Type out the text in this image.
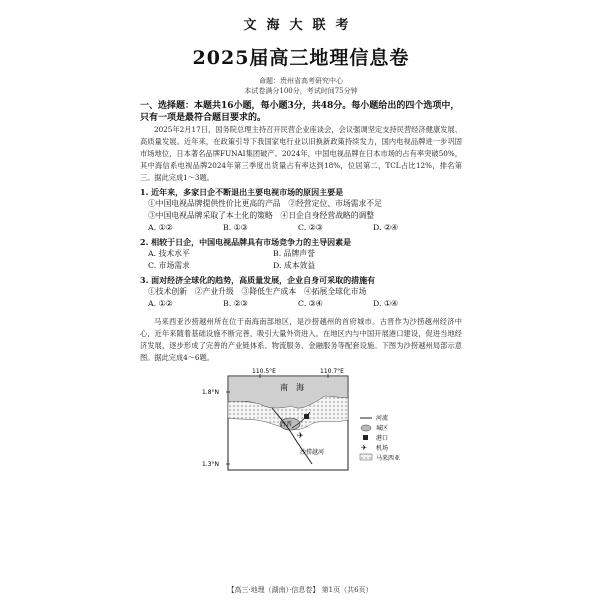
文海大联考
2025届高三地理信息卷
命题：贵州省高考研究中心
本试卷满分100分，考试时间75分钟
一、选择题：本题共16小题，每小题3分，共48分。每小题给出的四个选项中，只有一项是最符合题目要求的。
2025年2月17日，国务院总理主持召开民营企业座谈会，会议强调坚定支持民营经济健康发展、高质量发展。近年来，在政策引导下我国家电行业以旧换新政策持续发力，国内电视品牌进一步巩固市场地位，日本著名品牌FUNAI集团破产。2024年，中国电视品牌在日本市场的占有率突破50%，其中海信系电视品牌2024年第三季度出货量占有率达到18%，位居第二，TCL占比12%，排名第三。据此完成1～3题。
1. 近年来，多家日企不断退出主要电视市场的原因主要是
①中国电视品牌提供性价比更高的产品　②经营定位、市场需求不足
③中国电视品牌采取了本土化的策略　④日企自身经营战略的调整
A. ①②	B. ①③	C. ②③	D. ②④
2. 相较于日企，中国电视品牌具有市场竞争力的主导因素是
A. 技术水平	B. 品牌声誉
C. 市场需求	D. 成本效益
3. 面对经济全球化的趋势，高质量发展，企业自身可采取的措施有
①技术创新　②产业升级　③降低生产成本　④拓展全球化市场
A. ①②	B. ②③	C. ③④	D. ①④
马来西亚沙捞越州所在位于南海南部地区，是沙捞越州的首府城市。古晋作为沙捞越州经济中心，近年来随着基础设施不断完善，吸引大量外资进入。在地区内与中国开展港口建设，促进当地经济发展，逐步形成了完善的产业链体系、物流服务、金融服务等配套设施。下图为沙捞越州局部示意图。据此完成4～6题。
✈
110.5°E	110.7°E
1.8°N
1.3°N
南　海
古晋
沙捞越河
河流
城区
港口
✈ 机场
马来西亚
【高三·地理（湖南）·信息卷】 第1页（共6页）
